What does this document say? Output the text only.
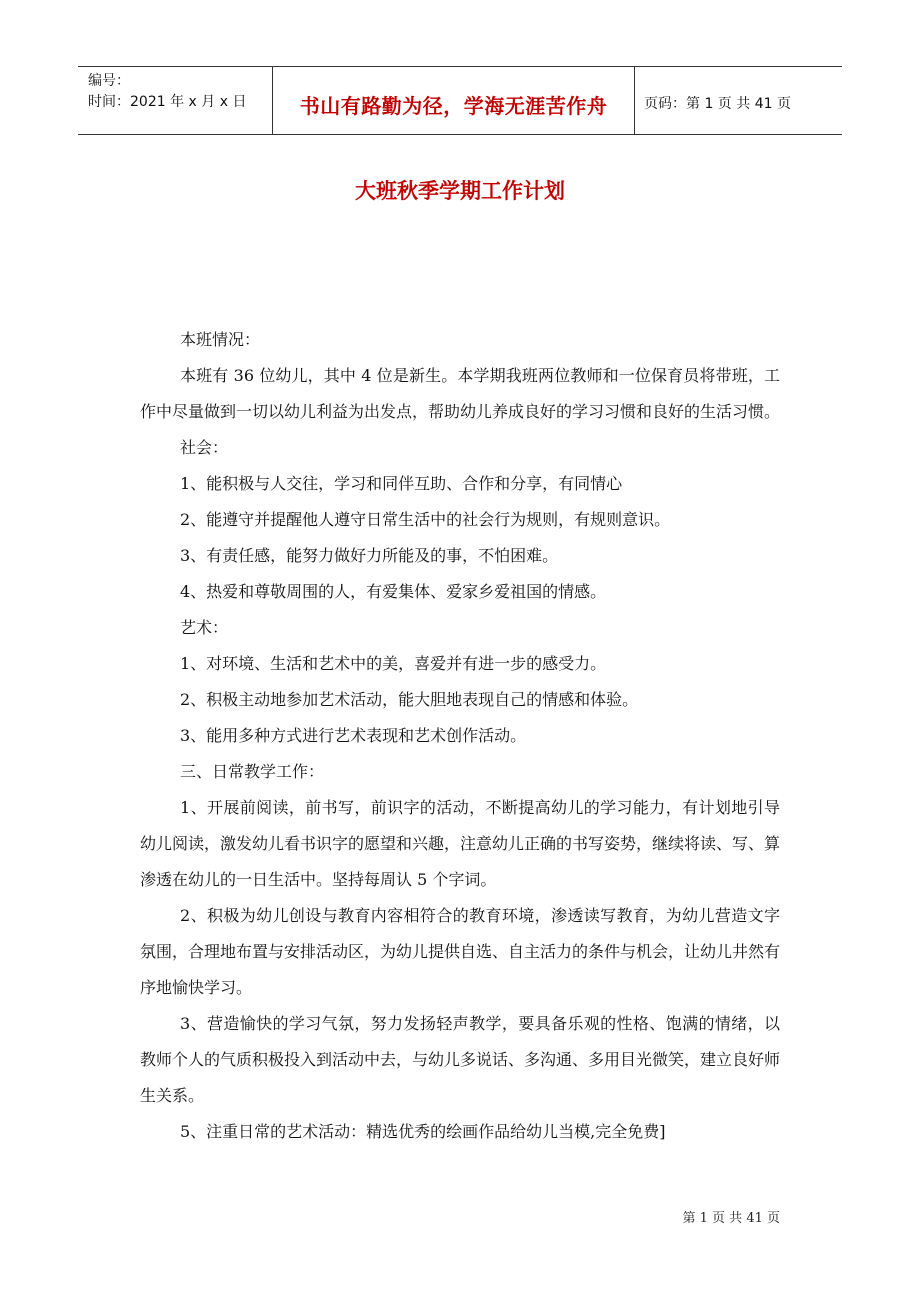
编号：
时间：2021 年 x 月 x 日	书山有路勤为径，学海无涯苦作舟	页码：第 1 页 共 41 页
大班秋季学期工作计划

本班情况：

本班有 36 位幼儿，其中 4 位是新生。本学期我班两位教师和一位保育员将带班，工作中尽量做到一切以幼儿利益为出发点，帮助幼儿养成良好的学习习惯和良好的生活习惯。

社会：

1、能积极与人交往，学习和同伴互助、合作和分享，有同情心

2、能遵守并提醒他人遵守日常生活中的社会行为规则，有规则意识。

3、有责任感，能努力做好力所能及的事，不怕困难。

4、热爱和尊敬周围的人，有爱集体、爱家乡爱祖国的情感。

艺术：

1、对环境、生活和艺术中的美，喜爱并有进一步的感受力。

2、积极主动地参加艺术活动，能大胆地表现自己的情感和体验。

3、能用多种方式进行艺术表现和艺术创作活动。

三、日常教学工作：

1、开展前阅读，前书写，前识字的活动，不断提高幼儿的学习能力，有计划地引导幼儿阅读，激发幼儿看书识字的愿望和兴趣，注意幼儿正确的书写姿势，继续将读、写、算渗透在幼儿的一日生活中。坚持每周认 5 个字词。

2、积极为幼儿创设与教育内容相符合的教育环境，渗透读写教育，为幼儿营造文字氛围，合理地布置与安排活动区，为幼儿提供自选、自主活力的条件与机会，让幼儿井然有序地愉快学习。

3、营造愉快的学习气氛，努力发扬轻声教学，要具备乐观的性格、饱满的情绪，以教师个人的气质积极投入到活动中去，与幼儿多说话、多沟通、多用目光微笑，建立良好师生关系。

5、注重日常的艺术活动：精选优秀的绘画作品给幼儿当模,完全免费]

第 1 页 共 41 页
